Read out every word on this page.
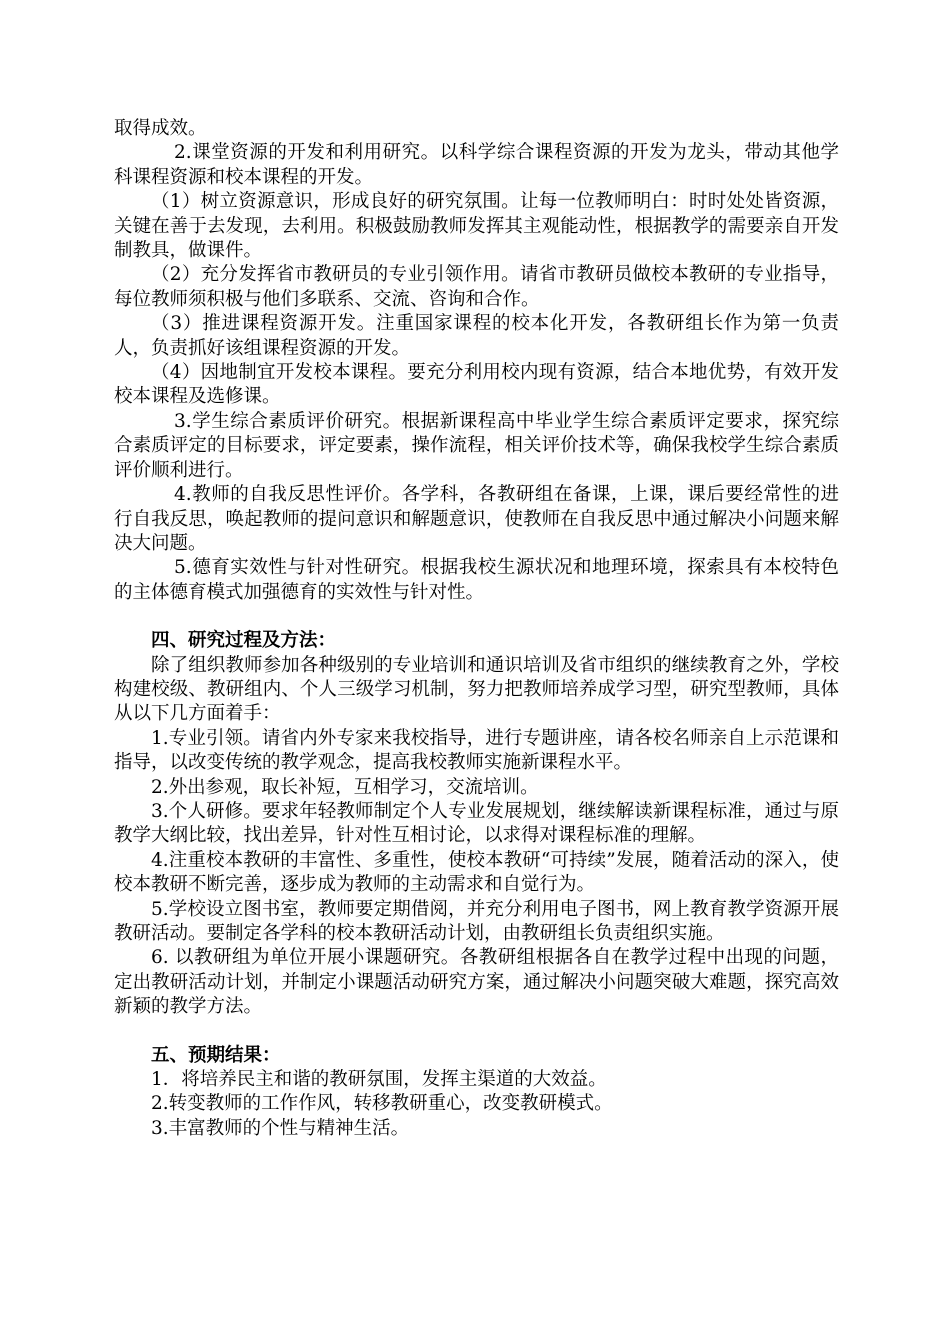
取得成效。

2.课堂资源的开发和利用研究。以科学综合课程资源的开发为龙头，带动其他学科课程资源和校本课程的开发。

（1）树立资源意识，形成良好的研究氛围。让每一位教师明白：时时处处皆资源，关键在善于去发现，去利用。积极鼓励教师发挥其主观能动性，根据教学的需要亲自开发制教具，做课件。

（2）充分发挥省市教研员的专业引领作用。请省市教研员做校本教研的专业指导，每位教师须积极与他们多联系、交流、咨询和合作。

（3）推进课程资源开发。注重国家课程的校本化开发，各教研组长作为第一负责人，负责抓好该组课程资源的开发。

（4）因地制宜开发校本课程。要充分利用校内现有资源，结合本地优势，有效开发校本课程及选修课。

3.学生综合素质评价研究。根据新课程高中毕业学生综合素质评定要求，探究综合素质评定的目标要求，评定要素，操作流程，相关评价技术等，确保我校学生综合素质评价顺利进行。

4.教师的自我反思性评价。各学科，各教研组在备课，上课，课后要经常性的进行自我反思，唤起教师的提问意识和解题意识，使教师在自我反思中通过解决小问题来解决大问题。

5.德育实效性与针对性研究。根据我校生源状况和地理环境，探索具有本校特色的主体德育模式加强德育的实效性与针对性。

四、研究过程及方法：

除了组织教师参加各种级别的专业培训和通识培训及省市组织的继续教育之外，学校构建校级、教研组内、个人三级学习机制，努力把教师培养成学习型，研究型教师，具体从以下几方面着手：

1.专业引领。请省内外专家来我校指导，进行专题讲座，请各校名师亲自上示范课和指导，以改变传统的教学观念，提高我校教师实施新课程水平。

2.外出参观，取长补短，互相学习，交流培训。

3.个人研修。要求年轻教师制定个人专业发展规划，继续解读新课程标准，通过与原教学大纲比较，找出差异，针对性互相讨论，以求得对课程标准的理解。

4.注重校本教研的丰富性、多重性，使校本教研“可持续”发展，随着活动的深入，使校本教研不断完善，逐步成为教师的主动需求和自觉行为。

5.学校设立图书室，教师要定期借阅，并充分利用电子图书，网上教育教学资源开展教研活动。要制定各学科的校本教研活动计划，由教研组长负责组织实施。

6. 以教研组为单位开展小课题研究。各教研组根据各自在教学过程中出现的问题，定出教研活动计划，并制定小课题活动研究方案，通过解决小问题突破大难题，探究高效新颖的教学方法。

五、预期结果：

1．将培养民主和谐的教研氛围，发挥主渠道的大效益。

2.转变教师的工作作风，转移教研重心，改变教研模式。

3.丰富教师的个性与精神生活。
